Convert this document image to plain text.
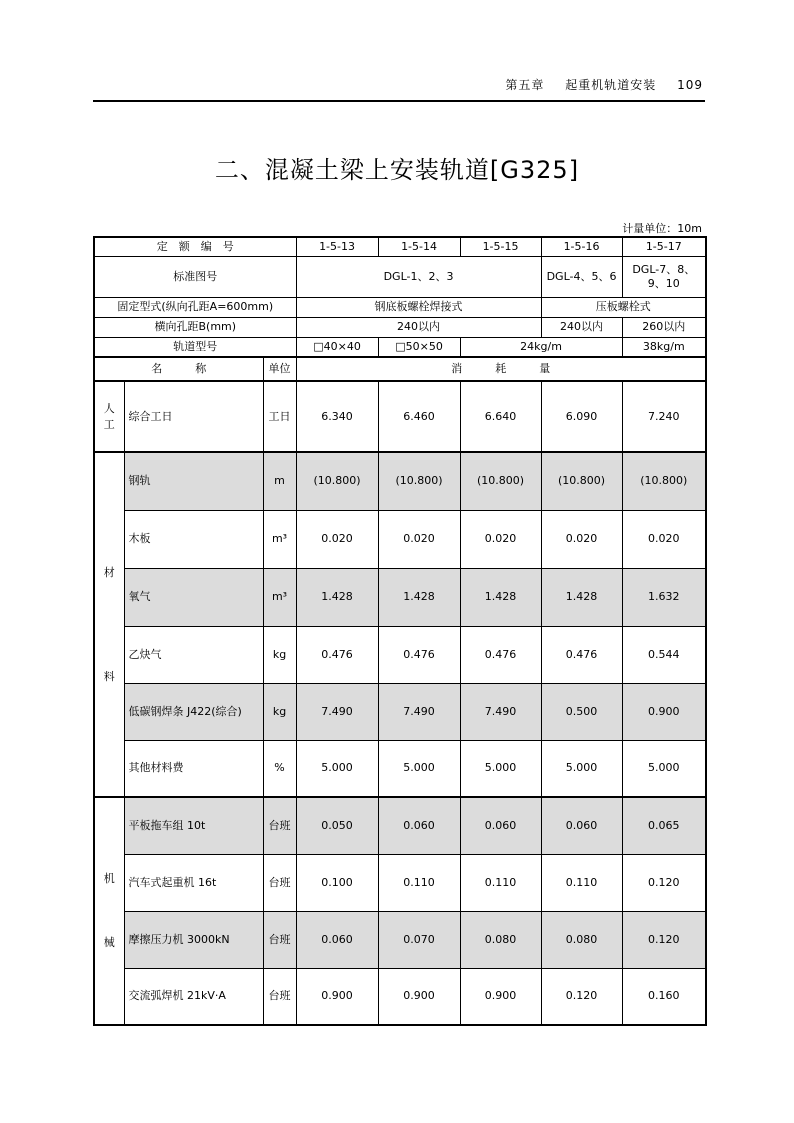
第五章 起重机轨道安装 109
二、混凝土梁上安装轨道[G325]
计量单位：10m
定　额　编　号			1-5-13	1-5-14	1-5-15	1-5-16	1-5-17
标准图号			DGL-1、2、3			DGL-4、5、6	DGL-7、8、9、10
固定型式(纵向孔距A=600mm)			钢底板螺栓焊接式			压板螺栓式	
横向孔距B(mm)			240以内			240以内	260以内
轨道型号			□40×40	□50×50	24kg/m		38kg/m
名　　　称		单位	消　　　耗　　　量				
人工	综合工日	工日	6.340	6.460	6.640	6.090	7.240

材
料	钢轨	m	(10.800)	(10.800)	(10.800)	(10.800)	(10.800)
	木板	m³	0.020	0.020	0.020	0.020	0.020
	氧气	m³	1.428	1.428	1.428	1.428	1.632
	乙炔气	kg	0.476	0.476	0.476	0.476	0.544
	低碳钢焊条 J422(综合)	kg	7.490	7.490	7.490	0.500	0.900
	其他材料费	%	5.000	5.000	5.000	5.000	5.000

机
械	平板拖车组 10t	台班	0.050	0.060	0.060	0.060	0.065
	汽车式起重机 16t	台班	0.100	0.110	0.110	0.110	0.120
	摩擦压力机 3000kN	台班	0.060	0.070	0.080	0.080	0.120
	交流弧焊机 21kV·A	台班	0.900	0.900	0.900	0.120	0.160
